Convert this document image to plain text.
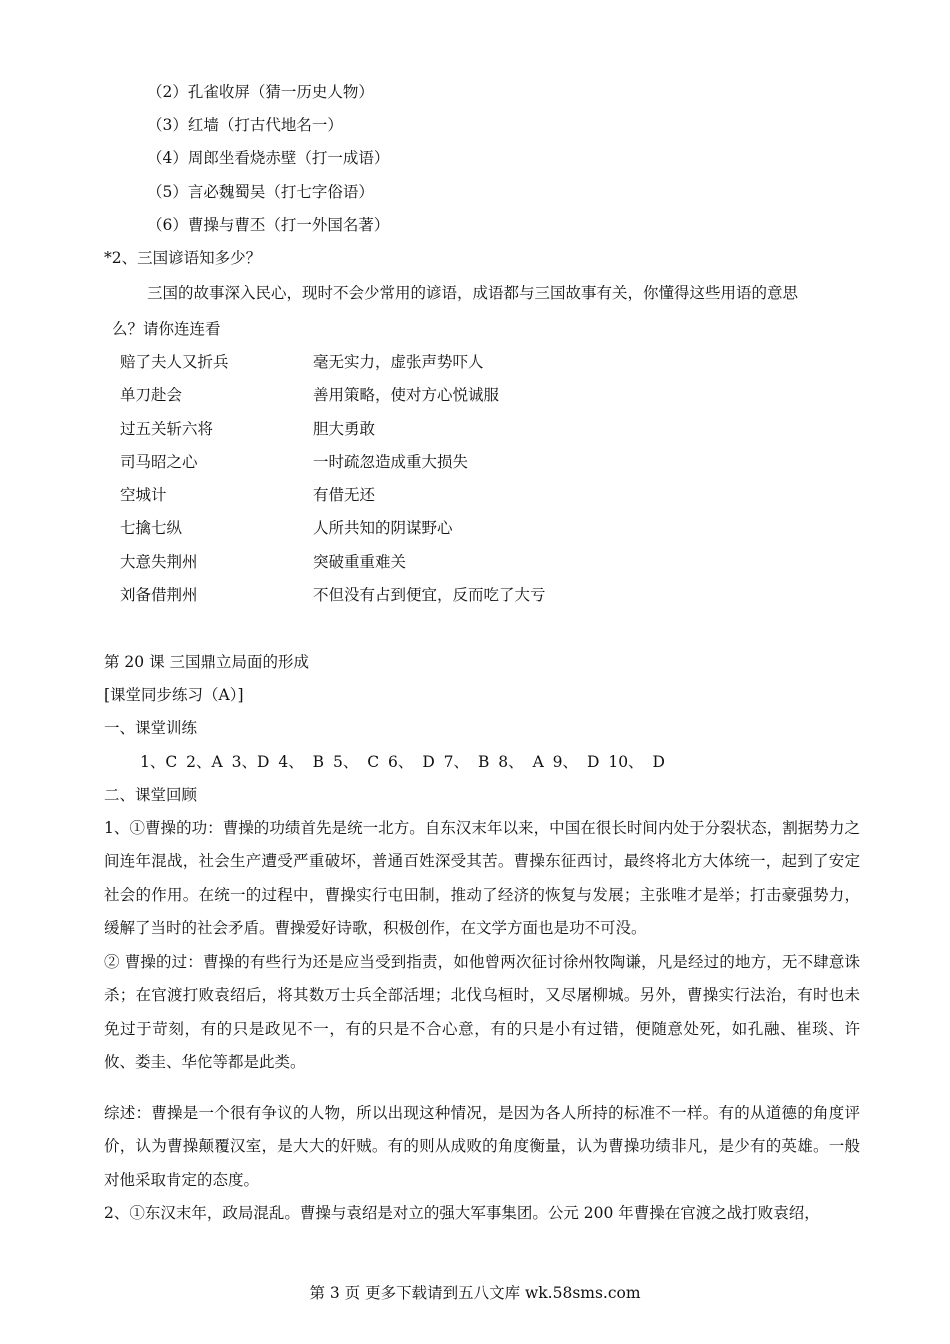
（2）孔雀收屏（猜一历史人物）
（3）红墙（打古代地名一）
（4）周郎坐看烧赤壁（打一成语）
（5）言必魏蜀吴（打七字俗语）
（6）曹操与曹丕（打一外国名著）
*2、三国谚语知多少？
三国的故事深入民心，现时不会少常用的谚语，成语都与三国故事有关，你懂得这些用语的意思
么？请你连连看
赔了夫人又折兵	毫无实力，虚张声势吓人
单刀赴会	善用策略，使对方心悦诚服
过五关斩六将	胆大勇敢
司马昭之心	一时疏忽造成重大损失
空城计	有借无还
七擒七纵	人所共知的阴谋野心
大意失荆州	突破重重难关
刘备借荆州	不但没有占到便宜，反而吃了大亏
第 20 课 三国鼎立局面的形成
[课堂同步练习（A）]
一、课堂训练
1、C 2、A 3、D 4、 B 5、 C 6、 D 7、 B 8、 A 9、 D 10、 D
二、课堂回顾
1、①曹操的功：曹操的功绩首先是统一北方。自东汉末年以来，中国在很长时间内处于分裂状态，割据势力之间连年混战，社会生产遭受严重破坏，普通百姓深受其苦。曹操东征西讨，最终将北方大体统一，起到了安定社会的作用。在统一的过程中，曹操实行屯田制，推动了经济的恢复与发展；主张唯才是举；打击豪强势力，缓解了当时的社会矛盾。曹操爱好诗歌，积极创作，在文学方面也是功不可没。
② 曹操的过：曹操的有些行为还是应当受到指责，如他曾两次征讨徐州牧陶谦，凡是经过的地方，无不肆意诛杀；在官渡打败袁绍后，将其数万士兵全部活埋；北伐乌桓时，又尽屠柳城。另外，曹操实行法治，有时也未免过于苛刻，有的只是政见不一，有的只是不合心意，有的只是小有过错，便随意处死，如孔融、崔琰、许攸、娄圭、华佗等都是此类。
综述：曹操是一个很有争议的人物，所以出现这种情况，是因为各人所持的标准不一样。有的从道德的角度评价，认为曹操颠覆汉室，是大大的奸贼。有的则从成败的角度衡量，认为曹操功绩非凡，是少有的英雄。一般对他采取肯定的态度。
2、①东汉末年，政局混乱。曹操与袁绍是对立的强大军事集团。公元 200 年曹操在官渡之战打败袁绍，
第 3 页 更多下载请到五八文库 wk.58sms.com
